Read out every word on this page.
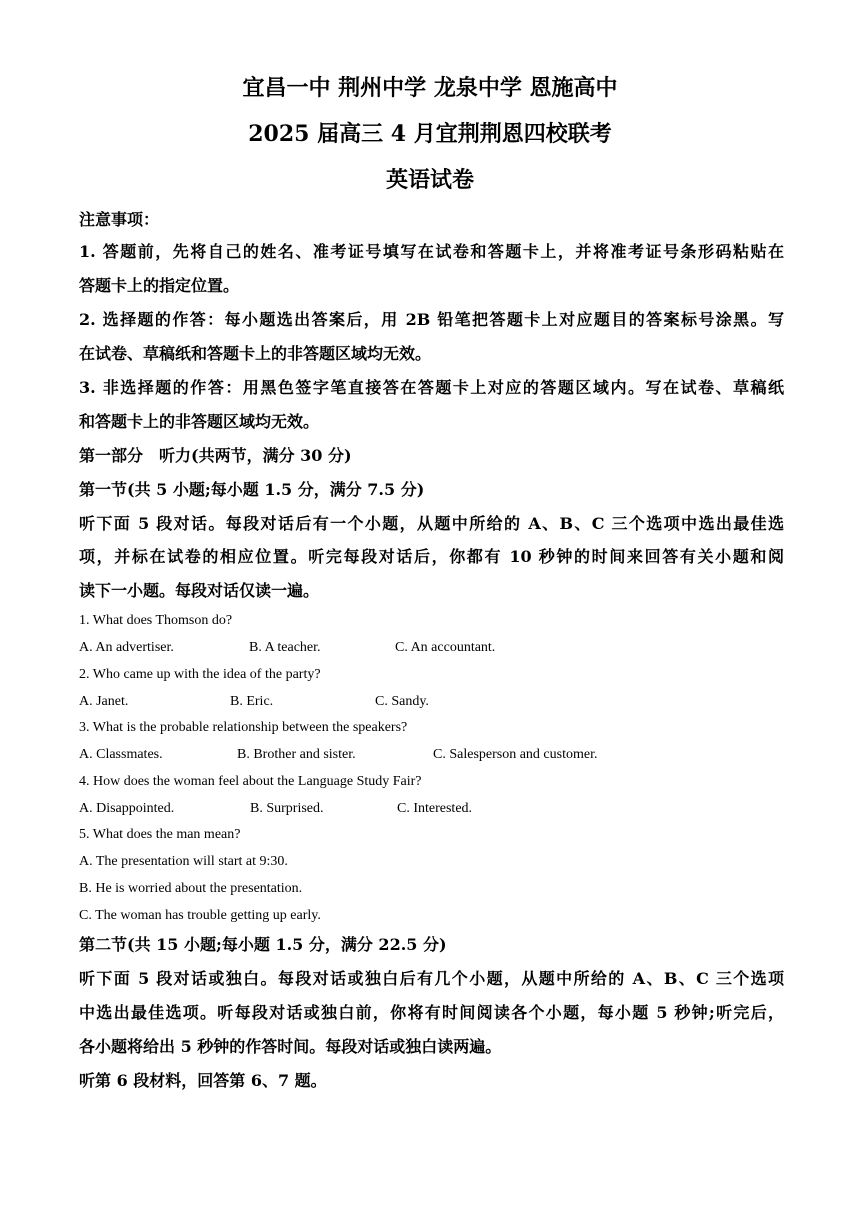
宜昌一中 荆州中学 龙泉中学 恩施高中
2025 届高三 4 月宜荆荆恩四校联考
英语试卷
注意事项：
1. 答题前，先将自己的姓名、准考证号填写在试卷和答题卡上，并将准考证号条形码粘贴在
答题卡上的指定位置。
2. 选择题的作答：每小题选出答案后，用 2B 铅笔把答题卡上对应题目的答案标号涂黑。写
在试卷、草稿纸和答题卡上的非答题区域均无效。
3. 非选择题的作答：用黑色签字笔直接答在答题卡上对应的答题区域内。写在试卷、草稿纸
和答题卡上的非答题区域均无效。
第一部分　听力(共两节，满分 30 分)
第一节(共 5 小题;每小题 1.5 分，满分 7.5 分)
听下面 5 段对话。每段对话后有一个小题，从题中所给的 A、B、C 三个选项中选出最佳选
项，并标在试卷的相应位置。听完每段对话后，你都有 10 秒钟的时间来回答有关小题和阅
读下一小题。每段对话仅读一遍。
1. What does Thomson do?
A. An advertiser.	B. A teacher.	C. An accountant.
2. Who came up with the idea of the party?
A. Janet.	B. Eric.	C. Sandy.
3. What is the probable relationship between the speakers?
A. Classmates.	B. Brother and sister.	C. Salesperson and customer.
4. How does the woman feel about the Language Study Fair?
A. Disappointed.	B. Surprised.	C. Interested.
5. What does the man mean?
A. The presentation will start at 9:30.
B. He is worried about the presentation.
C. The woman has trouble getting up early.
第二节(共 15 小题;每小题 1.5 分，满分 22.5 分)
听下面 5 段对话或独白。每段对话或独白后有几个小题，从题中所给的 A、B、C 三个选项
中选出最佳选项。听每段对话或独白前，你将有时间阅读各个小题，每小题 5 秒钟;听完后，
各小题将给出 5 秒钟的作答时间。每段对话或独白读两遍。
听第 6 段材料，回答第 6、7 题。
